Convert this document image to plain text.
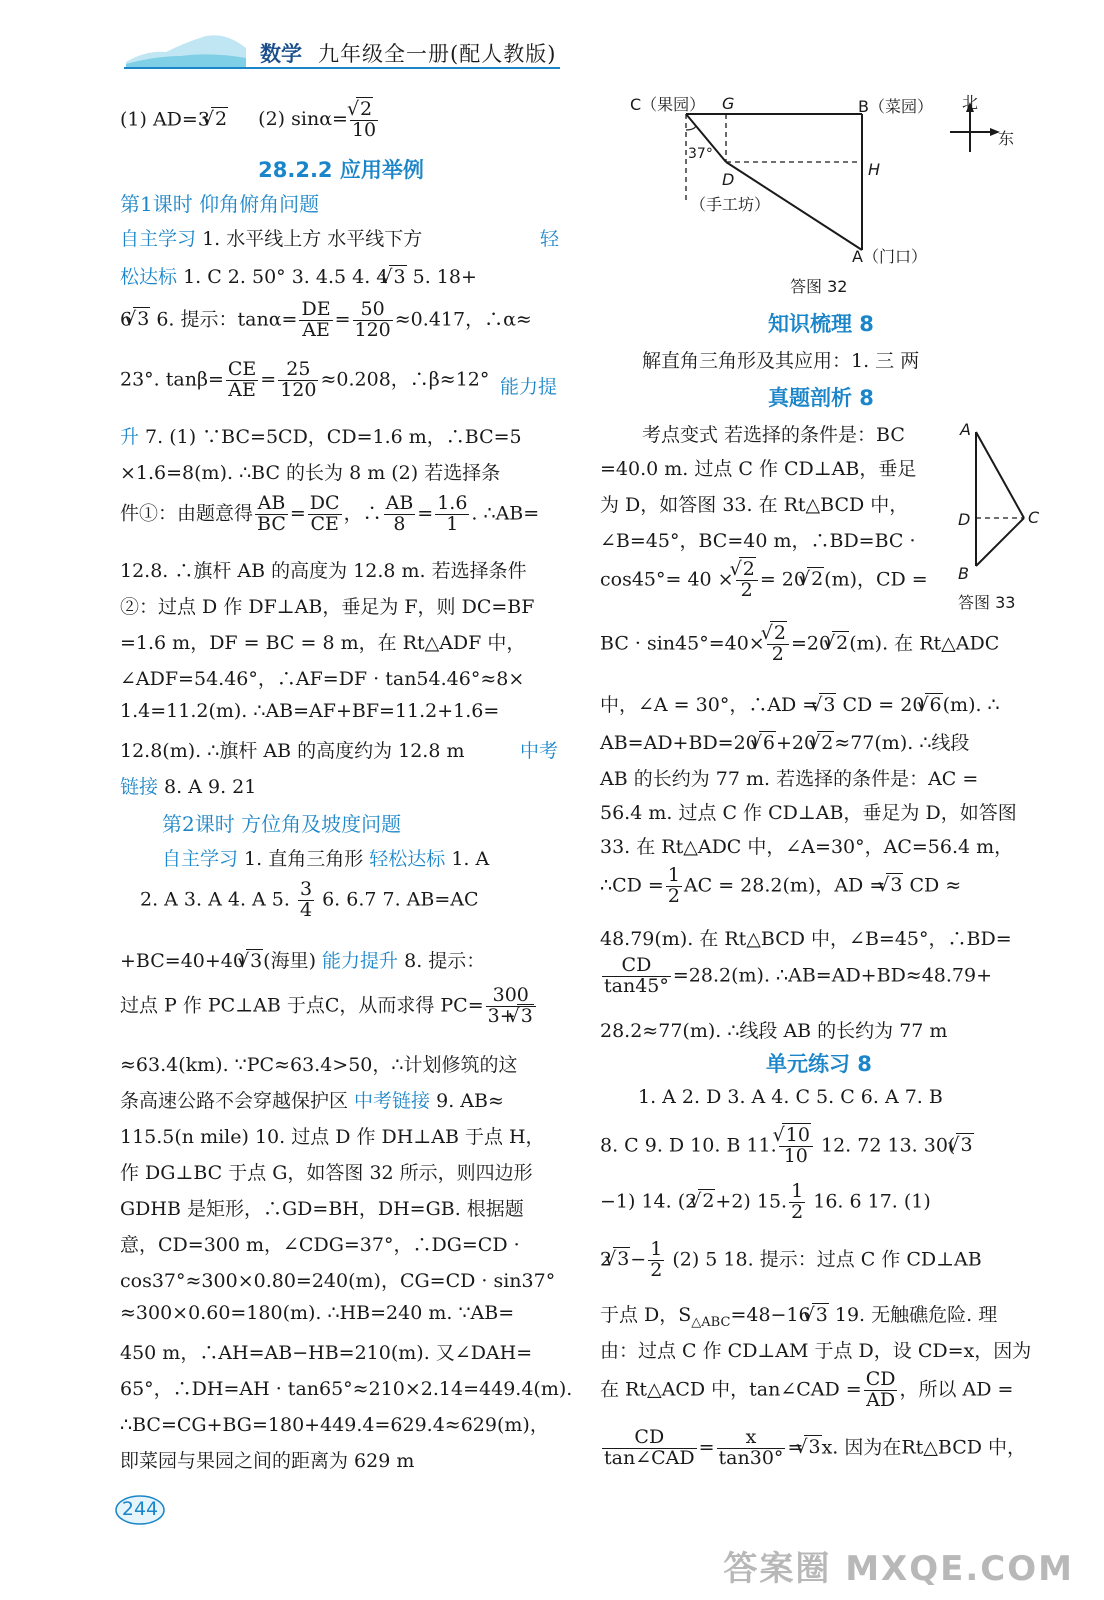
数学 九年级全一册(配人教版)
(1) AD=3√ 2 (2) sinα=
√ $\frac{2}{10}$
28.2.2 应用举例
第1课时 仰角俯角问题
自主学习 1. 水平线上方 水平线下方	轻
松达标 1. C 2. 50° 3. 4.5 4. 4√ 3 5. 18+
6√ 3 6. 提示：$\tan\alpha= \frac{DE}{AE} = \frac{50}{120} \approx 0.417$，∴α≈
23°. $\tan\beta= \frac{CE}{AE} = \frac{25}{120} \approx 0.208$，∴β≈12° 能力提
升 7. (1) ∵BC=5CD，CD=1.6 m，∴BC=5
×1.6=8(m). ∴BC 的长为 8 m (2) 若选择条
件①：由题意得 $\frac{AB}{BC} = \frac{DC}{CE}$ ，∴ $\frac{AB}{8} = \frac{1.6}{1}$ . ∴AB=
12.8. ∴旗杆 AB 的高度为 12.8 m. 若选择条件
②：过点 D 作 DF⊥AB，垂足为 F，则 DC=BF
=1.6 m，DF = BC = 8 m，在 Rt△ADF 中，
∠ADF=54.46°，∴AF=DF · tan54.46°≈8×
1.4=11.2(m). ∴AB=AF+BF=11.2+1.6=
12.8(m). ∴旗杆 AB 的高度约为 12.8 m	中考
链接 8. A 9. 21
第2课时 方位角及坡度问题
自主学习 1. 直角三角形 轻松达标 1. A
2. A 3. A 4. A 5. $\frac{3}{4} 6$. 6.7 7. AB=AC
+BC=40+40√ 3(海里) 能力提升 8. 提示：
过点 P 作 PC⊥AB 于点C，从而求得 $PC= \frac{300}{3+√ 3}$
≈63.4(km). ∵PC≈63.4>50，∴计划修筑的这
条高速公路不会穿越保护区 中考链接 9. AB≈
115.5(n mile) 10. 过点 D 作 DH⊥AB 于点 H，
作 DG⊥BC 于点 G，如答图 32 所示，则四边形
GDHB 是矩形，∴GD=BH，DH=GB. 根据题
意，CD=300 m，∠CDG=37°，∴DG=CD ·
cos37°≈300×0.80=240(m)，CG=CD · sin37°
≈300×0.60=180(m). ∴HB=240 m. ∵AB=
450 m，∴AH=AB−HB=210(m). 又∠DAH=
65°，∴DH=AH · tan65°≈210×2.14=449.4(m).
∴BC=CG+BG=180+449.4=629.4≈629(m)，
即菜园与果园之间的距离为 629 m
C（果园） G	B（菜园）
H
D
（手工坊）
A（门口）
37°
北
东
答图 32
知识梳理 8
解直角三角形及其应用：1. 三 两
真题剖析 8
考点变式 若选择的条件是：BC
=40.0 m. 过点 C 作 CD⊥AB，垂足
为 D，如答图 33. 在 Rt△BCD 中，
∠B=45°，BC=40 m，∴BD=BC ·
cos45°= 40 ×
√ $\frac{2}{2} = 20√$ 2(m)，CD =
BC · sin45°=40×
√ $\frac{2}{2} =20√$ 2(m). 在 Rt△ADC
中，∠A = 30°，∴AD =√ 3 CD = 20√ 6(m). ∴
AB=AD+BD=20√ 6+20√ 2≈77(m). ∴线段
AB 的长约为 77 m. 若选择的条件是：AC =
56.4 m. 过点 C 作 CD⊥AB，垂足为 D，如答图
33. 在 Rt△ADC 中，∠A=30°，AC=56.4 m，
∴CD = $\frac{1}{2}$ AC = 28.2(m)，AD =√ 3 CD ≈
48.79(m). 在 Rt△BCD 中，∠B=45°，∴BD=
$\frac{CD}{\tan 45^\circ} =28.2(m)$. ∴AB=AD+BD≈48.79+
28.2≈77(m). ∴线段 AB 的长约为 77 m
单元练习 8
1. A 2. D 3. A 4. C 5. C 6. A 7. B
8. C 9. D 10. B 11.
√ $\frac{10}{10} 12$. 72 13. 30(√ 3
−1) 14. (2√ 2+2) 15. $\frac{1}{2} 16$. 6 17. (1)
2√ $3- \frac{1}{2} (2)$ 5 18. 提示：过点 C 作 CD⊥AB
于点 D，$S_{\triangle ABC}=48-16√$ 3 19. 无触礁危险. 理
由：过点 C 作 CD⊥AM 于点 D，设 CD=x，因为
在 Rt△ACD 中，tan∠CAD = $\frac{CD}{AD}$ ，所以 AD =
$\frac{CD}{\text{tan∠CAD}} = \frac{x}{\tan 30^\circ}$ =√ 3x. 因为在Rt△BCD 中，
A
D	C
B
答图 33
244
答案圈 MXQE.COM
